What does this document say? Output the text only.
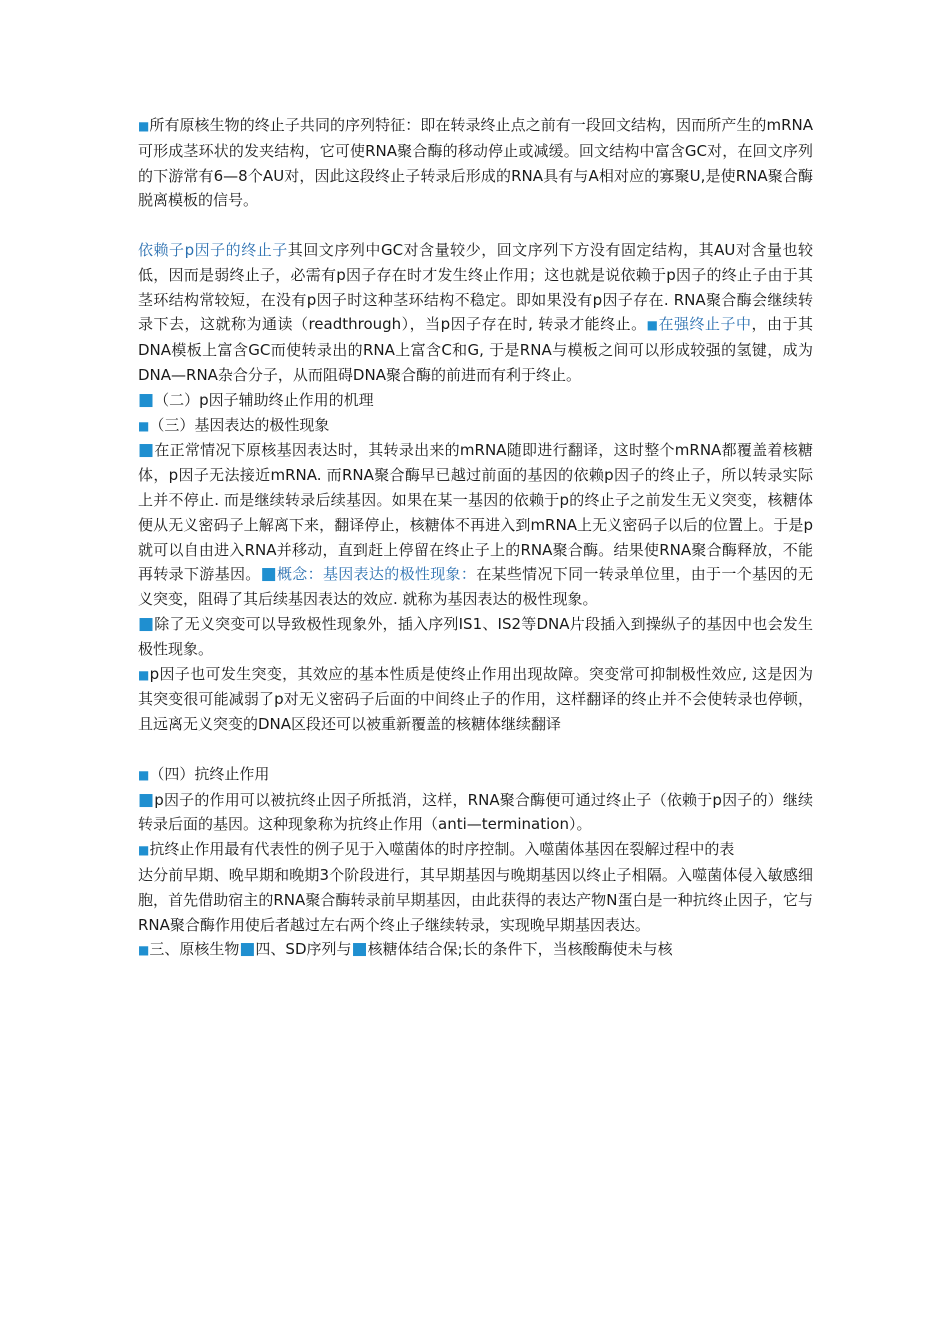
■所有原核生物的终止子共同的序列特征：即在转录终止点之前有一段回文结构，因而所产生的mRNA可形成茎环状的发夹结构，它可使RNA聚合酶的移动停止或减缓。回文结构中富含GC对，在回文序列的下游常有6—8个AU对，因此这段终止子转录后形成的RNA具有与A相对应的寡聚U,是使RNA聚合酶脱离模板的信号。

依赖子p因子的终止子其回文序列中GC对含量较少，回文序列下方没有固定结构，其AU对含量也较低，因而是弱终止子，必需有p因子存在时才发生终止作用；这也就是说依赖于p因子的终止子由于其茎环结构常较短，在没有p因子时这种茎环结构不稳定。即如果没有p因子存在. RNA聚合酶会继续转录下去，这就称为通读（readthrough），当p因子存在时, 转录才能终止。■在强终止子中，由于其DNA模板上富含GC而使转录出的RNA上富含C和G, 于是RNA与模板之间可以形成较强的氢键，成为DNA—RNA杂合分子，从而阻碍DNA聚合酶的前进而有利于终止。

■（二）p因子辅助终止作用的机理

■（三）基因表达的极性现象

■在正常情况下原核基因表达时，其转录出来的mRNA随即进行翻译，这时整个mRNA都覆盖着核糖体，p因子无法接近mRNA. 而RNA聚合酶早已越过前面的基因的依赖p因子的终止子，所以转录实际上并不停止. 而是继续转录后续基因。如果在某一基因的依赖于p的终止子之前发生无义突变，核糖体便从无义密码子上解离下来，翻译停止，核糖体不再进入到mRNA上无义密码子以后的位置上。于是p就可以自由进入RNA并移动，直到赶上停留在终止子上的RNA聚合酶。结果使RNA聚合酶释放，不能再转录下游基因。■概念：基因表达的极性现象：在某些情况下同一转录单位里，由于一个基因的无义突变，阻碍了其后续基因表达的效应. 就称为基因表达的极性现象。

■除了无义突变可以导致极性现象外，插入序列IS1、IS2等DNA片段插入到操纵子的基因中也会发生极性现象。

■p因子也可发生突变，其效应的基本性质是使终止作用出现故障。突变常可抑制极性效应, 这是因为其突变很可能减弱了p对无义密码子后面的中间终止子的作用，这样翻译的终止并不会使转录也停顿，且远离无义突变的DNA区段还可以被重新覆盖的核糖体继续翻译

■（四）抗终止作用

■p因子的作用可以被抗终止因子所抵消，这样，RNA聚合酶便可通过终止子（依赖于p因子的）继续转录后面的基因。这种现象称为抗终止作用（anti—termination）。

■抗终止作用最有代表性的例子见于入噬菌体的时序控制。入噬菌体基因在裂解过程中的表

达分前早期、晚早期和晚期3个阶段进行，其早期基因与晚期基因以终止子相隔。入噬菌体侵入敏感细胞，首先借助宿主的RNA聚合酶转录前早期基因，由此获得的表达产物N蛋白是一种抗终止因子，它与RNA聚合酶作用使后者越过左右两个终止子继续转录，实现晚早期基因表达。

■三、原核生物■四、SD序列与■核糖体结合保;长的条件下，当核酸酶使未与核
